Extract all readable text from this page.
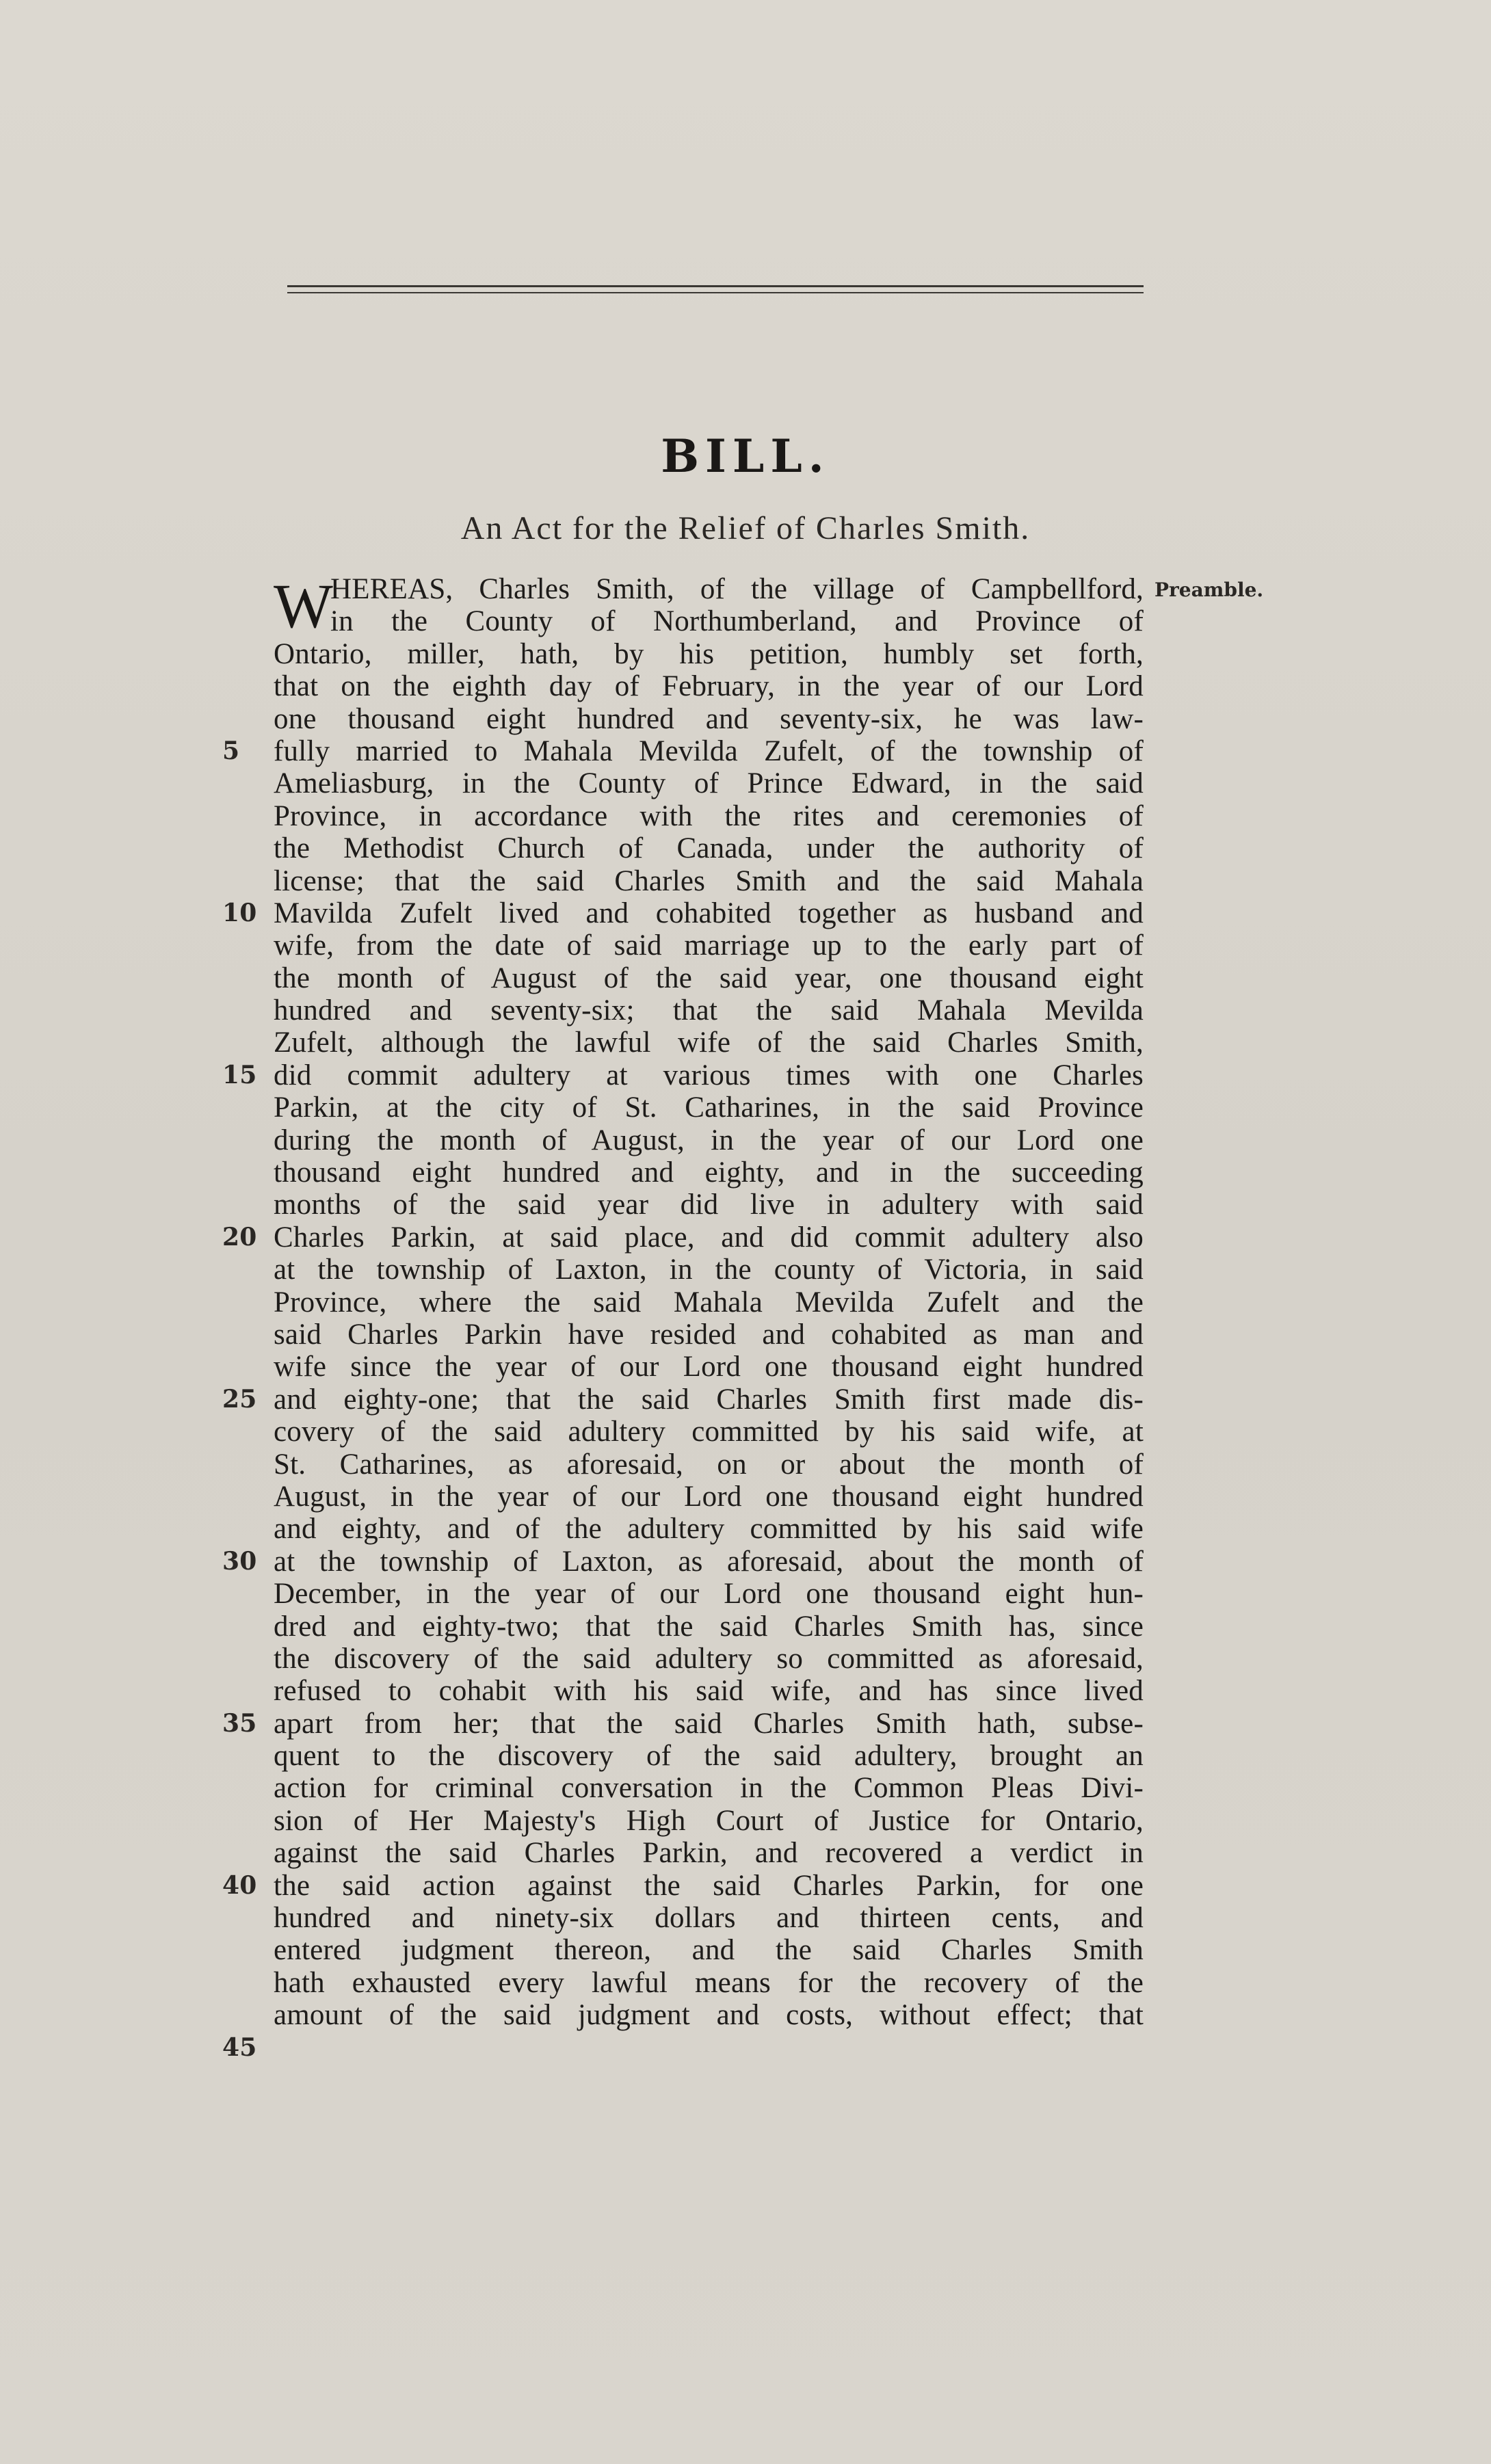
BILL.
An Act for the Relief of Charles Smith.
Preamble.
W
HEREAS, Charles Smith, of the village of Campbellford,
in the County of Northumberland, and Province of
Ontario, miller, hath, by his petition, humbly set forth,
that on the eighth day of February, in the year of our Lord
one thousand eight hundred and seventy-six, he was law-
5	fully married to Mahala Mevilda Zufelt, of the township of
Ameliasburg, in the County of Prince Edward, in the said
Province, in accordance with the rites and ceremonies of
the Methodist Church of Canada, under the authority of
license; that the said Charles Smith and the said Mahala
10 Mavilda Zufelt lived and cohabited together as husband and
wife, from the date of said marriage up to the early part of
the month of August of the said year, one thousand eight
hundred and seventy-six; that the said Mahala Mevilda
Zufelt, although the lawful wife of the said Charles Smith,
15 did commit adultery at various times with one Charles
Parkin, at the city of St. Catharines, in the said Province
during the month of August, in the year of our Lord one
thousand eight hundred and eighty, and in the succeeding
months of the said year did live in adultery with said
20 Charles Parkin, at said place, and did commit adultery also
at the township of Laxton, in the county of Victoria, in said
Province, where the said Mahala Mevilda Zufelt and the
said Charles Parkin have resided and cohabited as man and
wife since the year of our Lord one thousand eight hundred
25 and eighty-one; that the said Charles Smith first made dis-
covery of the said adultery committed by his said wife, at
St. Catharines, as aforesaid, on or about the month of
August, in the year of our Lord one thousand eight hundred
and eighty, and of the adultery committed by his said wife
30 at the township of Laxton, as aforesaid, about the month of
December, in the year of our Lord one thousand eight hun-
dred and eighty-two; that the said Charles Smith has, since
the discovery of the said adultery so committed as aforesaid,
refused to cohabit with his said wife, and has since lived
35 apart from her; that the said Charles Smith hath, subse-
quent to the discovery of the said adultery, brought an
action for criminal conversation in the Common Pleas Divi-
sion of Her Majesty's High Court of Justice for Ontario,
against the said Charles Parkin, and recovered a verdict in
40 the said action against the said Charles Parkin, for one
hundred and ninety-six dollars and thirteen cents, and
entered judgment thereon, and the said Charles Smith
hath exhausted every lawful means for the recovery of the
amount of the said judgment and costs, without effect; that
45
